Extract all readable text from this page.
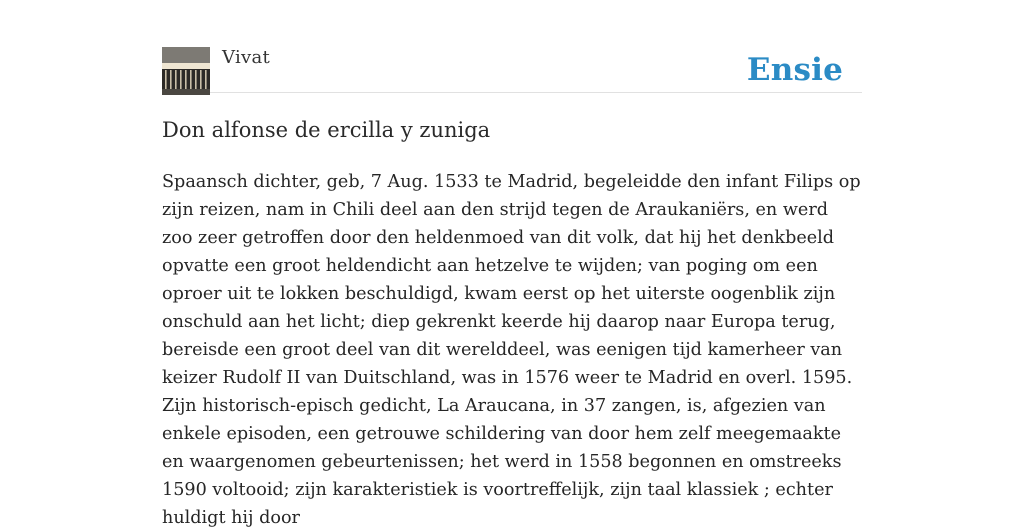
Vivat	Ensie
Don alfonse de ercilla y zuniga

Spaansch dichter, geb, 7 Aug. 1533 te Madrid, begeleidde den infant Filips op zijn reizen, nam in Chili deel aan den strijd tegen de Araukaniërs, en werd zoo zeer getroffen door den heldenmoed van dit volk, dat hij het denkbeeld opvatte een groot heldendicht aan hetzelve te wijden; van poging om een oproer uit te lokken beschuldigd, kwam eerst op het uiterste oogenblik zijn onschuld aan het licht; diep gekrenkt keerde hij daarop naar Europa terug, bereisde een groot deel van dit werelddeel, was eenigen tijd kamerheer van keizer Rudolf II van Duitschland, was in 1576 weer te Madrid en overl. 1595. Zijn historisch-episch gedicht, La Araucana, in 37 zangen, is, afgezien van enkele episoden, een getrouwe schildering van door hem zelf meegemaakte en waargenomen gebeurtenissen; het werd in 1558 begonnen en omstreeks 1590 voltooid; zijn karakteristiek is voortreffelijk, zijn taal klassiek ; echter huldigt hij door
